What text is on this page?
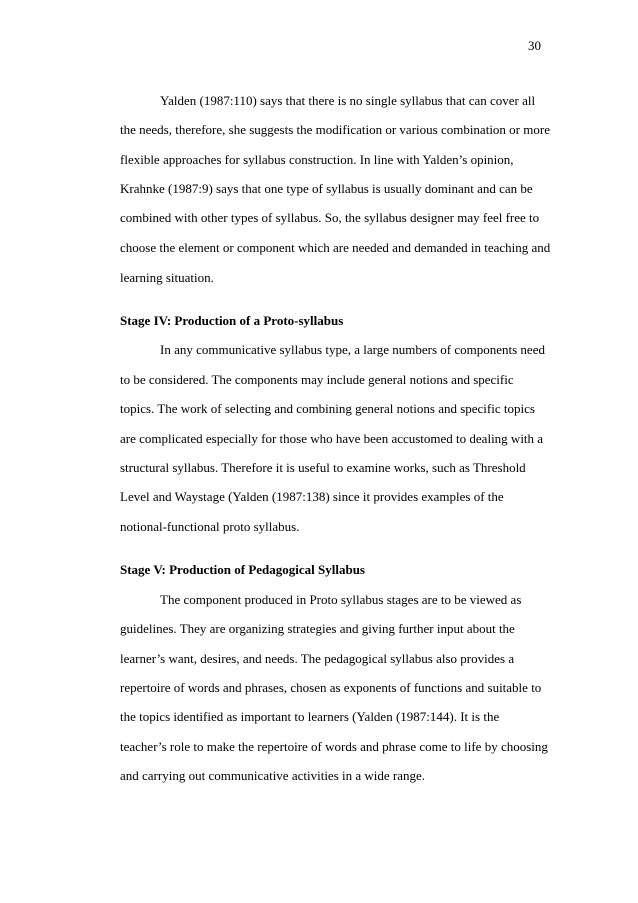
30
Yalden (1987:110) says that there is no single syllabus that can cover all
the needs, therefore, she suggests the modification or various combination or more
flexible approaches for syllabus construction. In line with Yalden’s opinion,
Krahnke (1987:9) says that one type of syllabus is usually dominant and can be
combined with other types of syllabus. So, the syllabus designer may feel free to
choose the element or component which are needed and demanded in teaching and
learning situation.
Stage IV: Production of a Proto-syllabus
In any communicative syllabus type, a large numbers of components need
to be considered. The components may include general notions and specific
topics. The work of selecting and combining general notions and specific topics
are complicated especially for those who have been accustomed to dealing with a
structural syllabus. Therefore it is useful to examine works, such as Threshold
Level and Waystage (Yalden (1987:138) since it provides examples of the
notional-functional proto syllabus.
Stage V: Production of Pedagogical Syllabus
The component produced in Proto syllabus stages are to be viewed as
guidelines. They are organizing strategies and giving further input about the
learner’s want, desires, and needs. The pedagogical syllabus also provides a
repertoire of words and phrases, chosen as exponents of functions and suitable to
the topics identified as important to learners (Yalden (1987:144). It is the
teacher’s role to make the repertoire of words and phrase come to life by choosing
and carrying out communicative activities in a wide range.
